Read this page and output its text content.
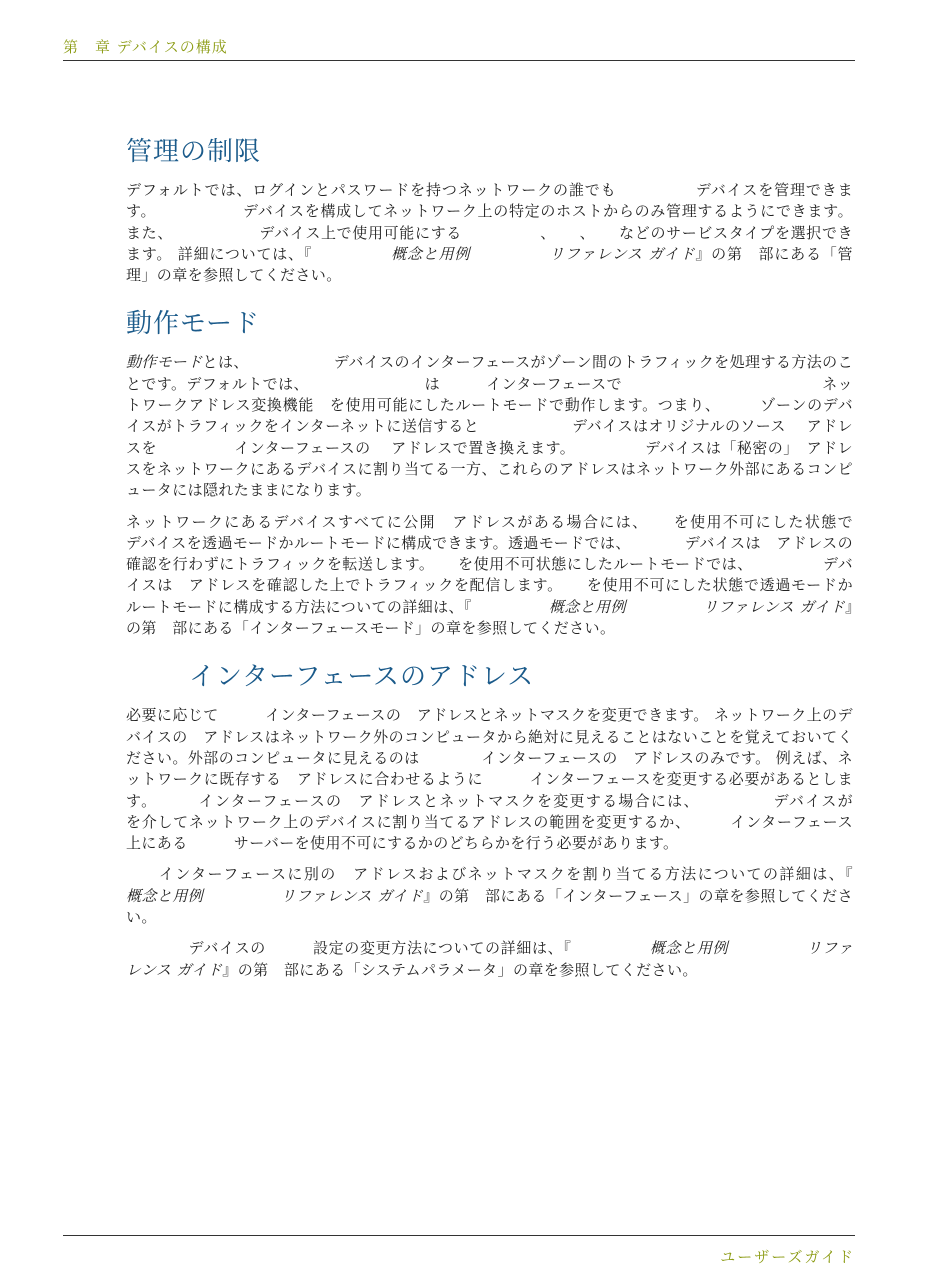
第　章 デバイスの構成
管理の制限

デフォルトでは、ログインとパスワードを持つネットワークの誰でも　　　　　デバイスを管理できます。　　　　　　デバイスを構成してネットワーク上の特定のホストからのみ管理するようにできます。 また、　　　　　　デバイス上で使用可能にする　　　　　、　　、　　などのサービスタイプを選択できます。 詳細については、『　　　　　概念と用例　　　　　	リファレンス ガイド』の第　部にある「管理」の章を参照してください。

動作モード

動作モードとは、　　　　　　デバイスのインターフェースがゾーン間のトラフィックを処理する方法のことです。デフォルトでは、　　　　　　　　は　　　インターフェースで　　　　　　　　　　　　　ネットワークアドレス変換機能　を使用可能にしたルートモードで動作します。つまり、　　　ゾーンのデバイスがトラフィックをインターネットに送信すると　　　　　　デバイスはオリジナルのソース　 アドレスを　　　　　インターフェースの　 アドレスで置き換えます。　　　　　デバイスは「秘密の」　アドレスをネットワークにあるデバイスに割り当てる一方、これらのアドレスはネットワーク外部にあるコンピュータには隠れたままになります。

ネットワークにあるデバイスすべてに公開　アドレスがある場合には、　　を使用不可にした状態で　　　　　デバイスを透過モードかルートモードに構成できます。透過モードでは、　　　　デバイスは　アドレスの確認を行わずにトラフィックを転送します。　　を使用不可状態にしたルートモードでは、　　　　　デバイスは　アドレスを確認した上でトラフィックを配信します。　　を使用不可にした状態で透過モードかルートモードに構成する方法についての詳細は、『　　　　　概念と用例　　　　　	リファレンス ガイド』の第　部にある「インターフェースモード」の章を参照してください。

インターフェースのアドレス

必要に応じて　　　インターフェースの　アドレスとネットマスクを変更できます。 ネットワーク上のデバイスの　アドレスはネットワーク外のコンピュータから絶対に見えることはないことを覚えておいてください。外部のコンピュータに見えるのは　　　　インターフェースの　アドレスのみです。 例えば、ネットワークに既存する　アドレスに合わせるように　　　インターフェースを変更する必要があるとします。　　　インターフェースの　アドレスとネットマスクを変更する場合には、　　　　　デバイスが　　　を介してネットワーク上のデバイスに割り当てるアドレスの範囲を変更するか、　　　インターフェース上にある　　　サーバーを使用不可にするかのどちらかを行う必要があります。

　　インターフェースに別の　アドレスおよびネットマスクを割り当てる方法についての詳細は、『　　　　　概念と用例　　　　　	リファレンス ガイド』の第　部にある「インターフェース」の章を参照してください。

　　　　デバイスの　　　設定の変更方法についての詳細は、『　　　　　概念と用例　　　　　	リファレンス ガイド』の第　部にある「システムパラメータ」の章を参照してください。

ユーザーズガイド
